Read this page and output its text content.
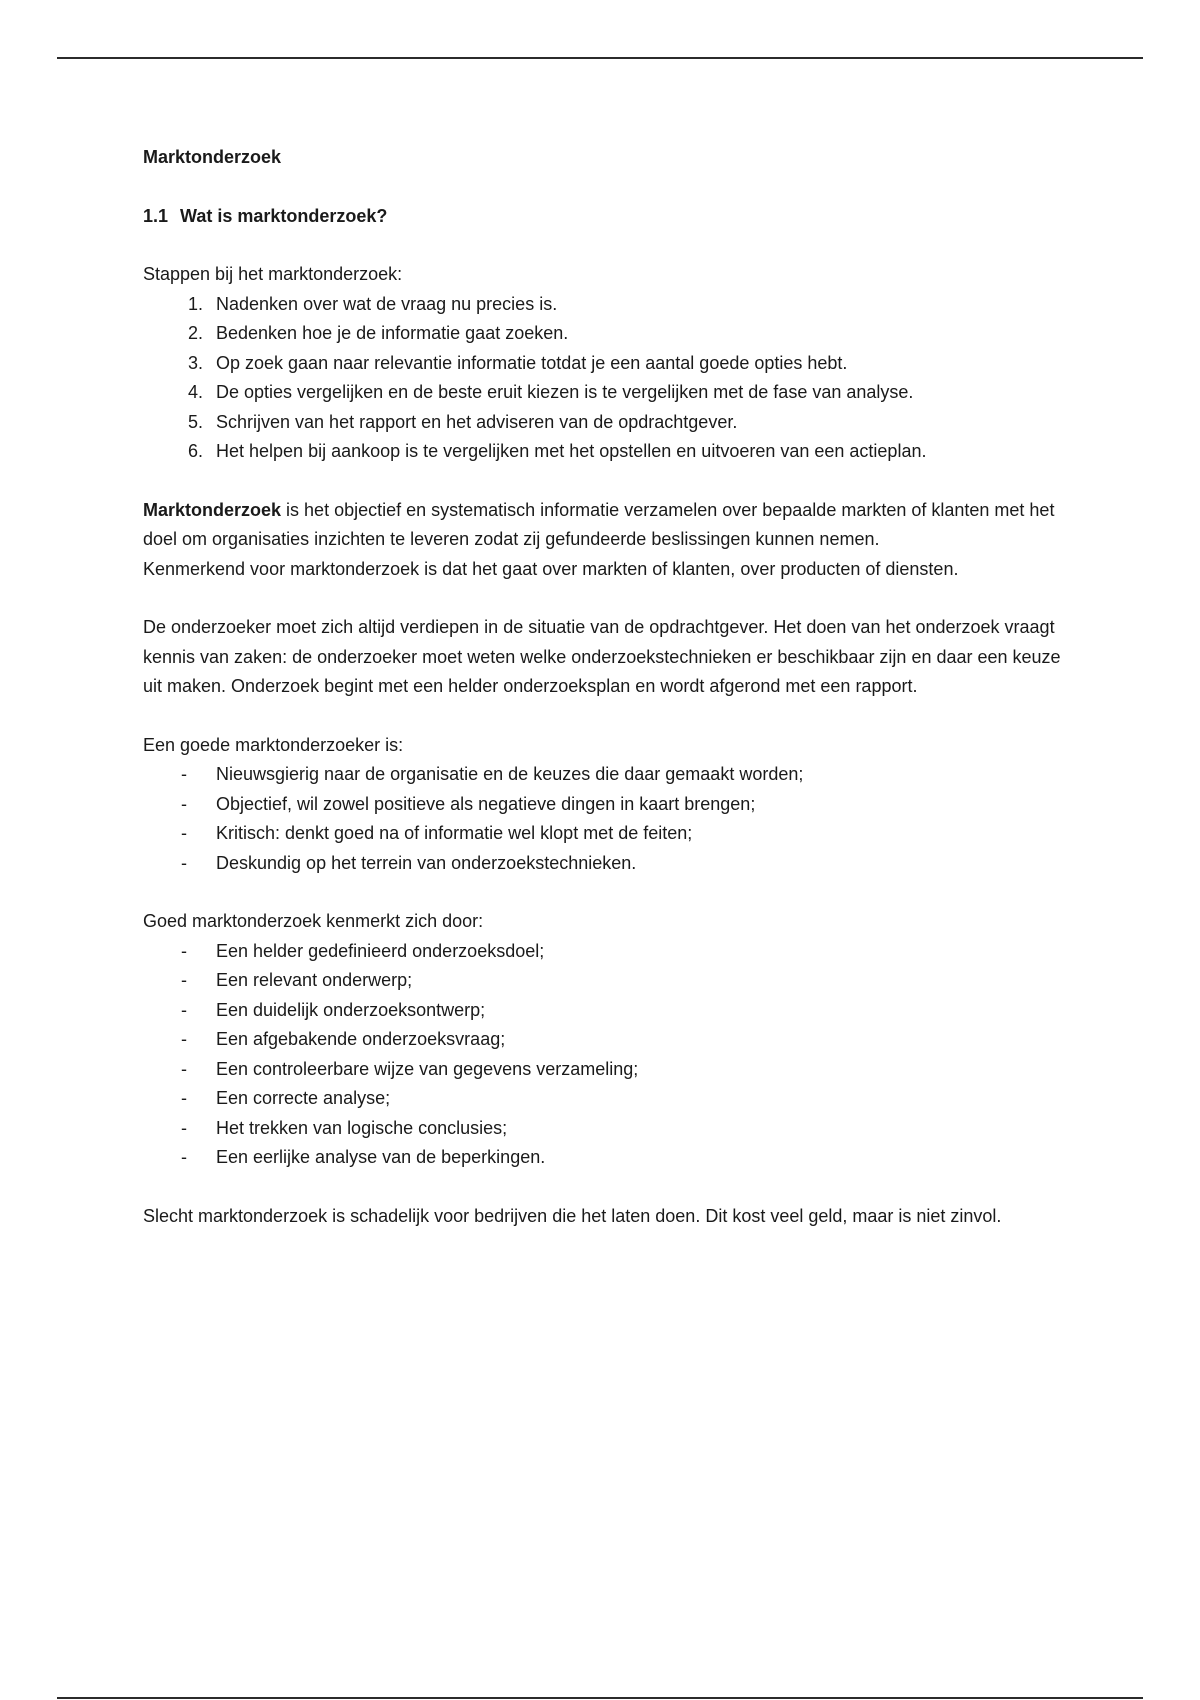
Marktonderzoek

1.1 Wat is marktonderzoek?

Stappen bij het marktonderzoek:

1. Nadenken over wat de vraag nu precies is.
2. Bedenken hoe je de informatie gaat zoeken.
3. Op zoek gaan naar relevantie informatie totdat je een aantal goede opties hebt.
4. De opties vergelijken en de beste eruit kiezen is te vergelijken met de fase van analyse.
5. Schrijven van het rapport en het adviseren van de opdrachtgever.
6. Het helpen bij aankoop is te vergelijken met het opstellen en uitvoeren van een actieplan.

Marktonderzoek is het objectief en systematisch informatie verzamelen over bepaalde markten of klanten met het doel om organisaties inzichten te leveren zodat zij gefundeerde beslissingen kunnen nemen.

Kenmerkend voor marktonderzoek is dat het gaat over markten of klanten, over producten of diensten.

De onderzoeker moet zich altijd verdiepen in de situatie van de opdrachtgever. Het doen van het onderzoek vraagt kennis van zaken: de onderzoeker moet weten welke onderzoekstechnieken er beschikbaar zijn en daar een keuze uit maken. Onderzoek begint met een helder onderzoeksplan en wordt afgerond met een rapport.

Een goede marktonderzoeker is:

- Nieuwsgierig naar de organisatie en de keuzes die daar gemaakt worden;
- Objectief, wil zowel positieve als negatieve dingen in kaart brengen;
- Kritisch: denkt goed na of informatie wel klopt met de feiten;
- Deskundig op het terrein van onderzoekstechnieken.

Goed marktonderzoek kenmerkt zich door:

- Een helder gedefinieerd onderzoeksdoel;
- Een relevant onderwerp;
- Een duidelijk onderzoeksontwerp;
- Een afgebakende onderzoeksvraag;
- Een controleerbare wijze van gegevens verzameling;
- Een correcte analyse;
- Het trekken van logische conclusies;
- Een eerlijke analyse van de beperkingen.

Slecht marktonderzoek is schadelijk voor bedrijven die het laten doen. Dit kost veel geld, maar is niet zinvol.
